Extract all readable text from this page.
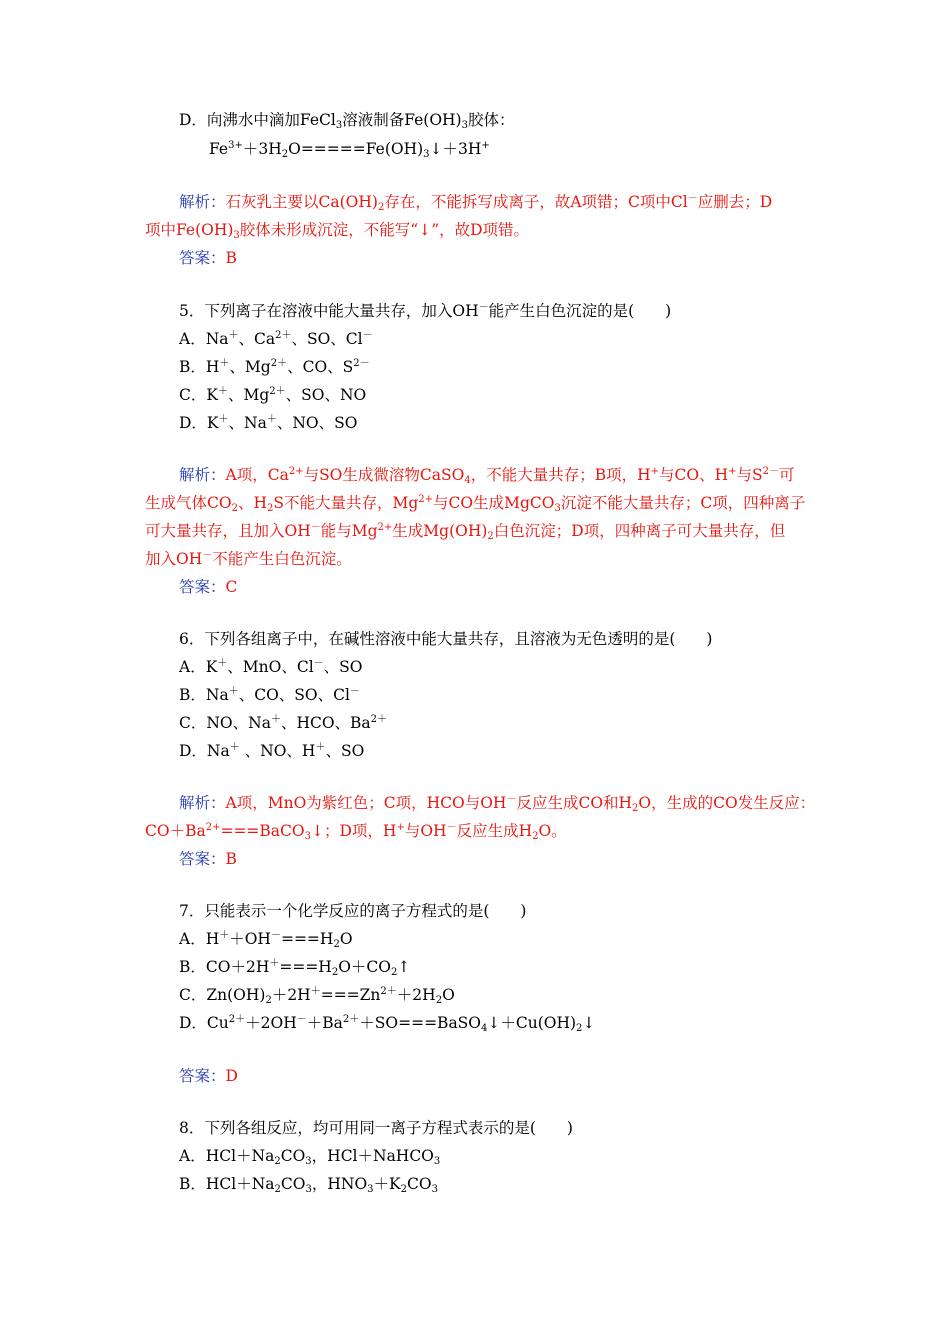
D．向沸水中滴加FeCl$_3$溶液制备$Fe(OH)_3$胶体：
$Fe^{3+}+3H_2O=====Fe(OH)_3↓+3H^+$
解析：石灰乳主要以$Ca(OH)_2$存在，不能拆写成离子，故A项错；C项中Cl－应删去；D
项中$Fe(OH)_3$胶体未形成沉淀，不能写“↓”，故D项错。
答案：B
5．下列离子在溶液中能大量共存，加入OH－能产生白色沉淀的是(　　)
A．Na＋、$Ca^{2+}$、SO、Cl－
B．H＋、$Mg^{2+}$、CO、$S^{2-}$
C．K＋、$Mg^{2+}$、SO、NO
D．K＋、Na＋、NO、SO
解析：A项，$Ca^{2+}$与SO生成微溶物CaSO$_4$，不能大量共存；B项，H+与CO、H+与$S^{2-}$可
生成气体$CO_2$、$H_2S$不能大量共存，$Mg^{2+}$与CO生成MgCO$_3$沉淀不能大量共存；C项，四种离子
可大量共存，且加入OH－能与$Mg^{2+}$生成$Mg(OH)_2$白色沉淀；D项，四种离子可大量共存，但
加入OH－不能产生白色沉淀。
答案：C
6．下列各组离子中，在碱性溶液中能大量共存，且溶液为无色透明的是(　　)
A．K＋、MnO、Cl－、SO
B．Na＋、CO、SO、Cl－
C．NO、Na＋、HCO、$Ba^{2+}$
D．Na＋ 、NO、H＋、SO
解析：A项，MnO为紫红色；C项，HCO与OH－反应生成CO和$H_2O$，生成的CO发生反应：
$CO+Ba^{2+}===BaCO_3↓$；D项，H+与OH－反应生成$H_2O$。
答案：B
7．只能表示一个化学反应的离子方程式的是(　　)
A．$H^++OH^-===H_2O$
B．$CO+2H^+===H_2O+CO_2↑$
C．$Zn(OH)_2+2H^+===Zn^{2+}+2H_2O$
D．$Cu^{2+}+2OH^-+Ba^{2+}+SO===BaSO_4↓+Cu(OH)_2↓$
答案：D
8．下列各组反应，均可用同一离子方程式表示的是(　　)
A．$HCl+Na_2CO_3$，HCl＋NaHCO$_3$
B．$HCl+Na_2CO_3$，$HNO_3+K_2CO_3$
